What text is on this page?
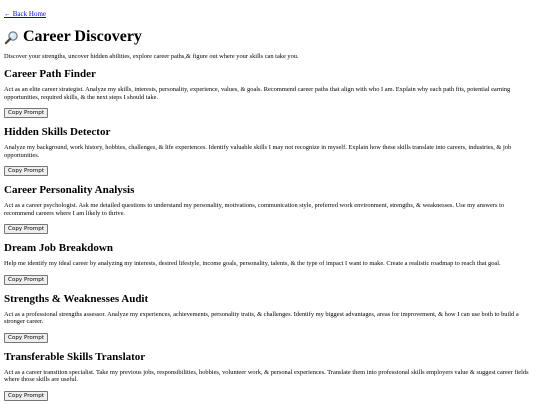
← Back Home
Career Discovery

Discover your strengths, uncover hidden abilities, explore career paths,& figure out where your skills can take you.

Career Path Finder

Act as an elite career strategist. Analyze my skills, interests, personality, experience, values, & goals. Recommend career paths that align with who I am. Explain why each path fits, potential earning opportunities, required skills, & the next steps I should take.

Copy Prompt
Hidden Skills Detector

Analyze my background, work history, hobbies, challenges, & life experiences. Identify valuable skills I may not recognize in myself. Explain how these skills translate into careers, industries, & job opportunities.

Copy Prompt
Career Personality Analysis

Act as a career psychologist. Ask me detailed questions to understand my personality, motivations, communication style, preferred work environment, strengths, & weaknesses. Use my answers to recommend careers where I am likely to thrive.

Copy Prompt
Dream Job Breakdown

Help me identify my ideal career by analyzing my interests, desired lifestyle, income goals, personality, talents, & the type of impact I want to make. Create a realistic roadmap to reach that goal.

Copy Prompt
Strengths & Weaknesses Audit

Act as a professional strengths assessor. Analyze my experiences, achievements, personality traits, & challenges. Identify my biggest advantages, areas for improvement, & how I can use both to build a stronger career.

Copy Prompt
Transferable Skills Translator

Act as a career transition specialist. Take my previous jobs, responsibilities, hobbies, volunteer work, & personal experiences. Translate them into professional skills employers value & suggest career fields where those skills are useful.

Copy Prompt
